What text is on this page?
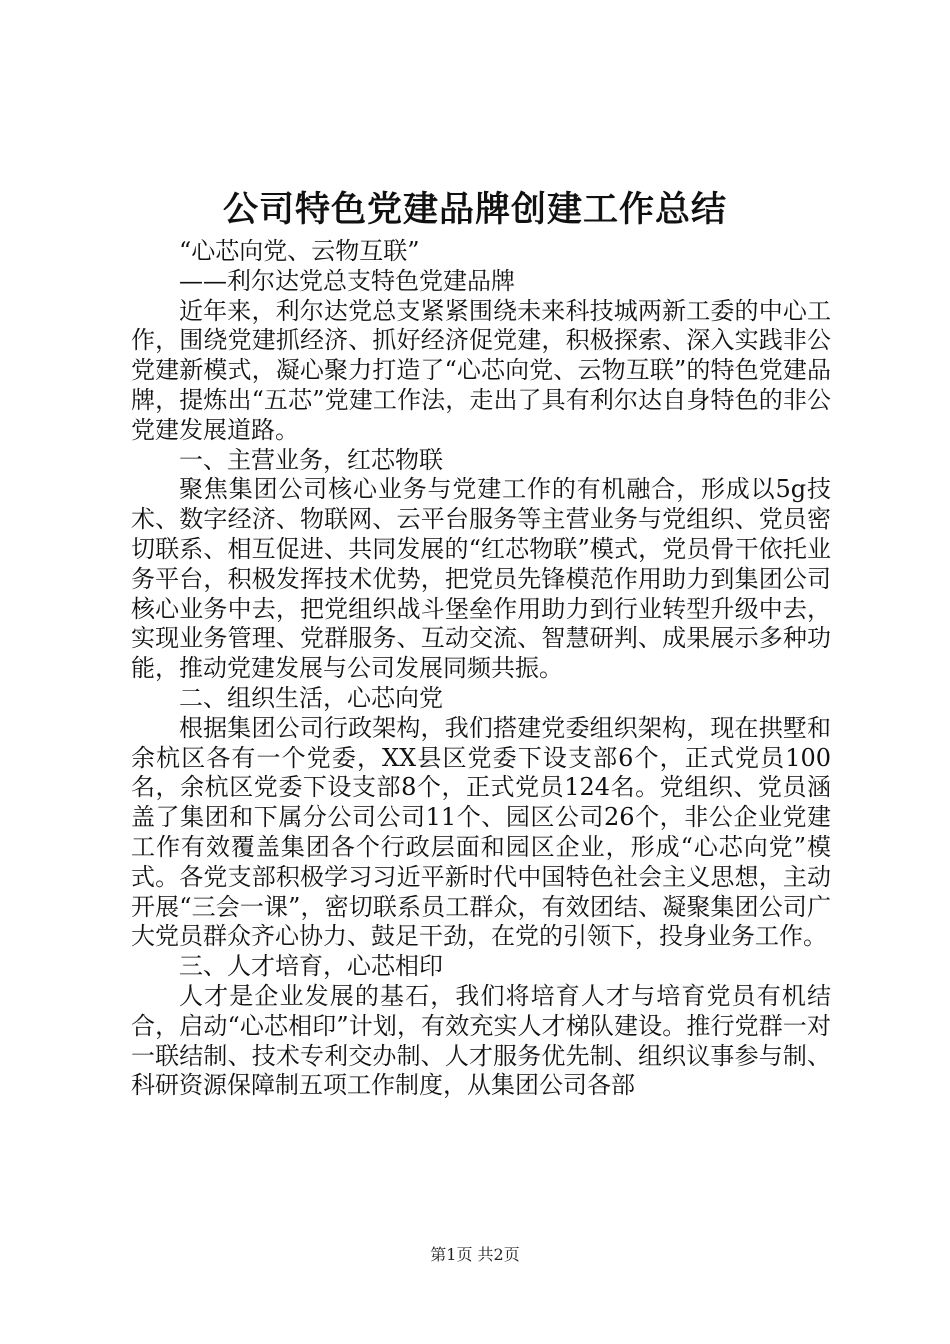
公司特色党建品牌创建工作总结

“心芯向党、云物互联”

——利尔达党总支特色党建品牌

近年来，利尔达党总支紧紧围绕未来科技城两新工委的中心工作，围绕党建抓经济、抓好经济促党建，积极探索、深入实践非公党建新模式，凝心聚力打造了“心芯向党、云物互联”的特色党建品牌，提炼出“五芯”党建工作法，走出了具有利尔达自身特色的非公党建发展道路。

一、主营业务，红芯物联

聚焦集团公司核心业务与党建工作的有机融合，形成以5g技术、数字经济、物联网、云平台服务等主营业务与党组织、党员密切联系、相互促进、共同发展的“红芯物联”模式，党员骨干依托业务平台，积极发挥技术优势，把党员先锋模范作用助力到集团公司核心业务中去，把党组织战斗堡垒作用助力到行业转型升级中去，实现业务管理、党群服务、互动交流、智慧研判、成果展示多种功能，推动党建发展与公司发展同频共振。

二、组织生活，心芯向党

根据集团公司行政架构，我们搭建党委组织架构，现在拱墅和余杭区各有一个党委，XX县区党委下设支部6个，正式党员100名，余杭区党委下设支部8个，正式党员124名。党组织、党员涵盖了集团和下属分公司公司11个、园区公司26个，非公企业党建工作有效覆盖集团各个行政层面和园区企业，形成“心芯向党”模式。各党支部积极学习习近平新时代中国特色社会主义思想，主动开展“三会一课”，密切联系员工群众，有效团结、凝聚集团公司广大党员群众齐心协力、鼓足干劲，在党的引领下，投身业务工作。

三、人才培育，心芯相印

人才是企业发展的基石，我们将培育人才与培育党员有机结合，启动“心芯相印”计划，有效充实人才梯队建设。推行党群一对一联结制、技术专利交办制、人才服务优先制、组织议事参与制、科研资源保障制五项工作制度，从集团公司各部

第1页 共2页
